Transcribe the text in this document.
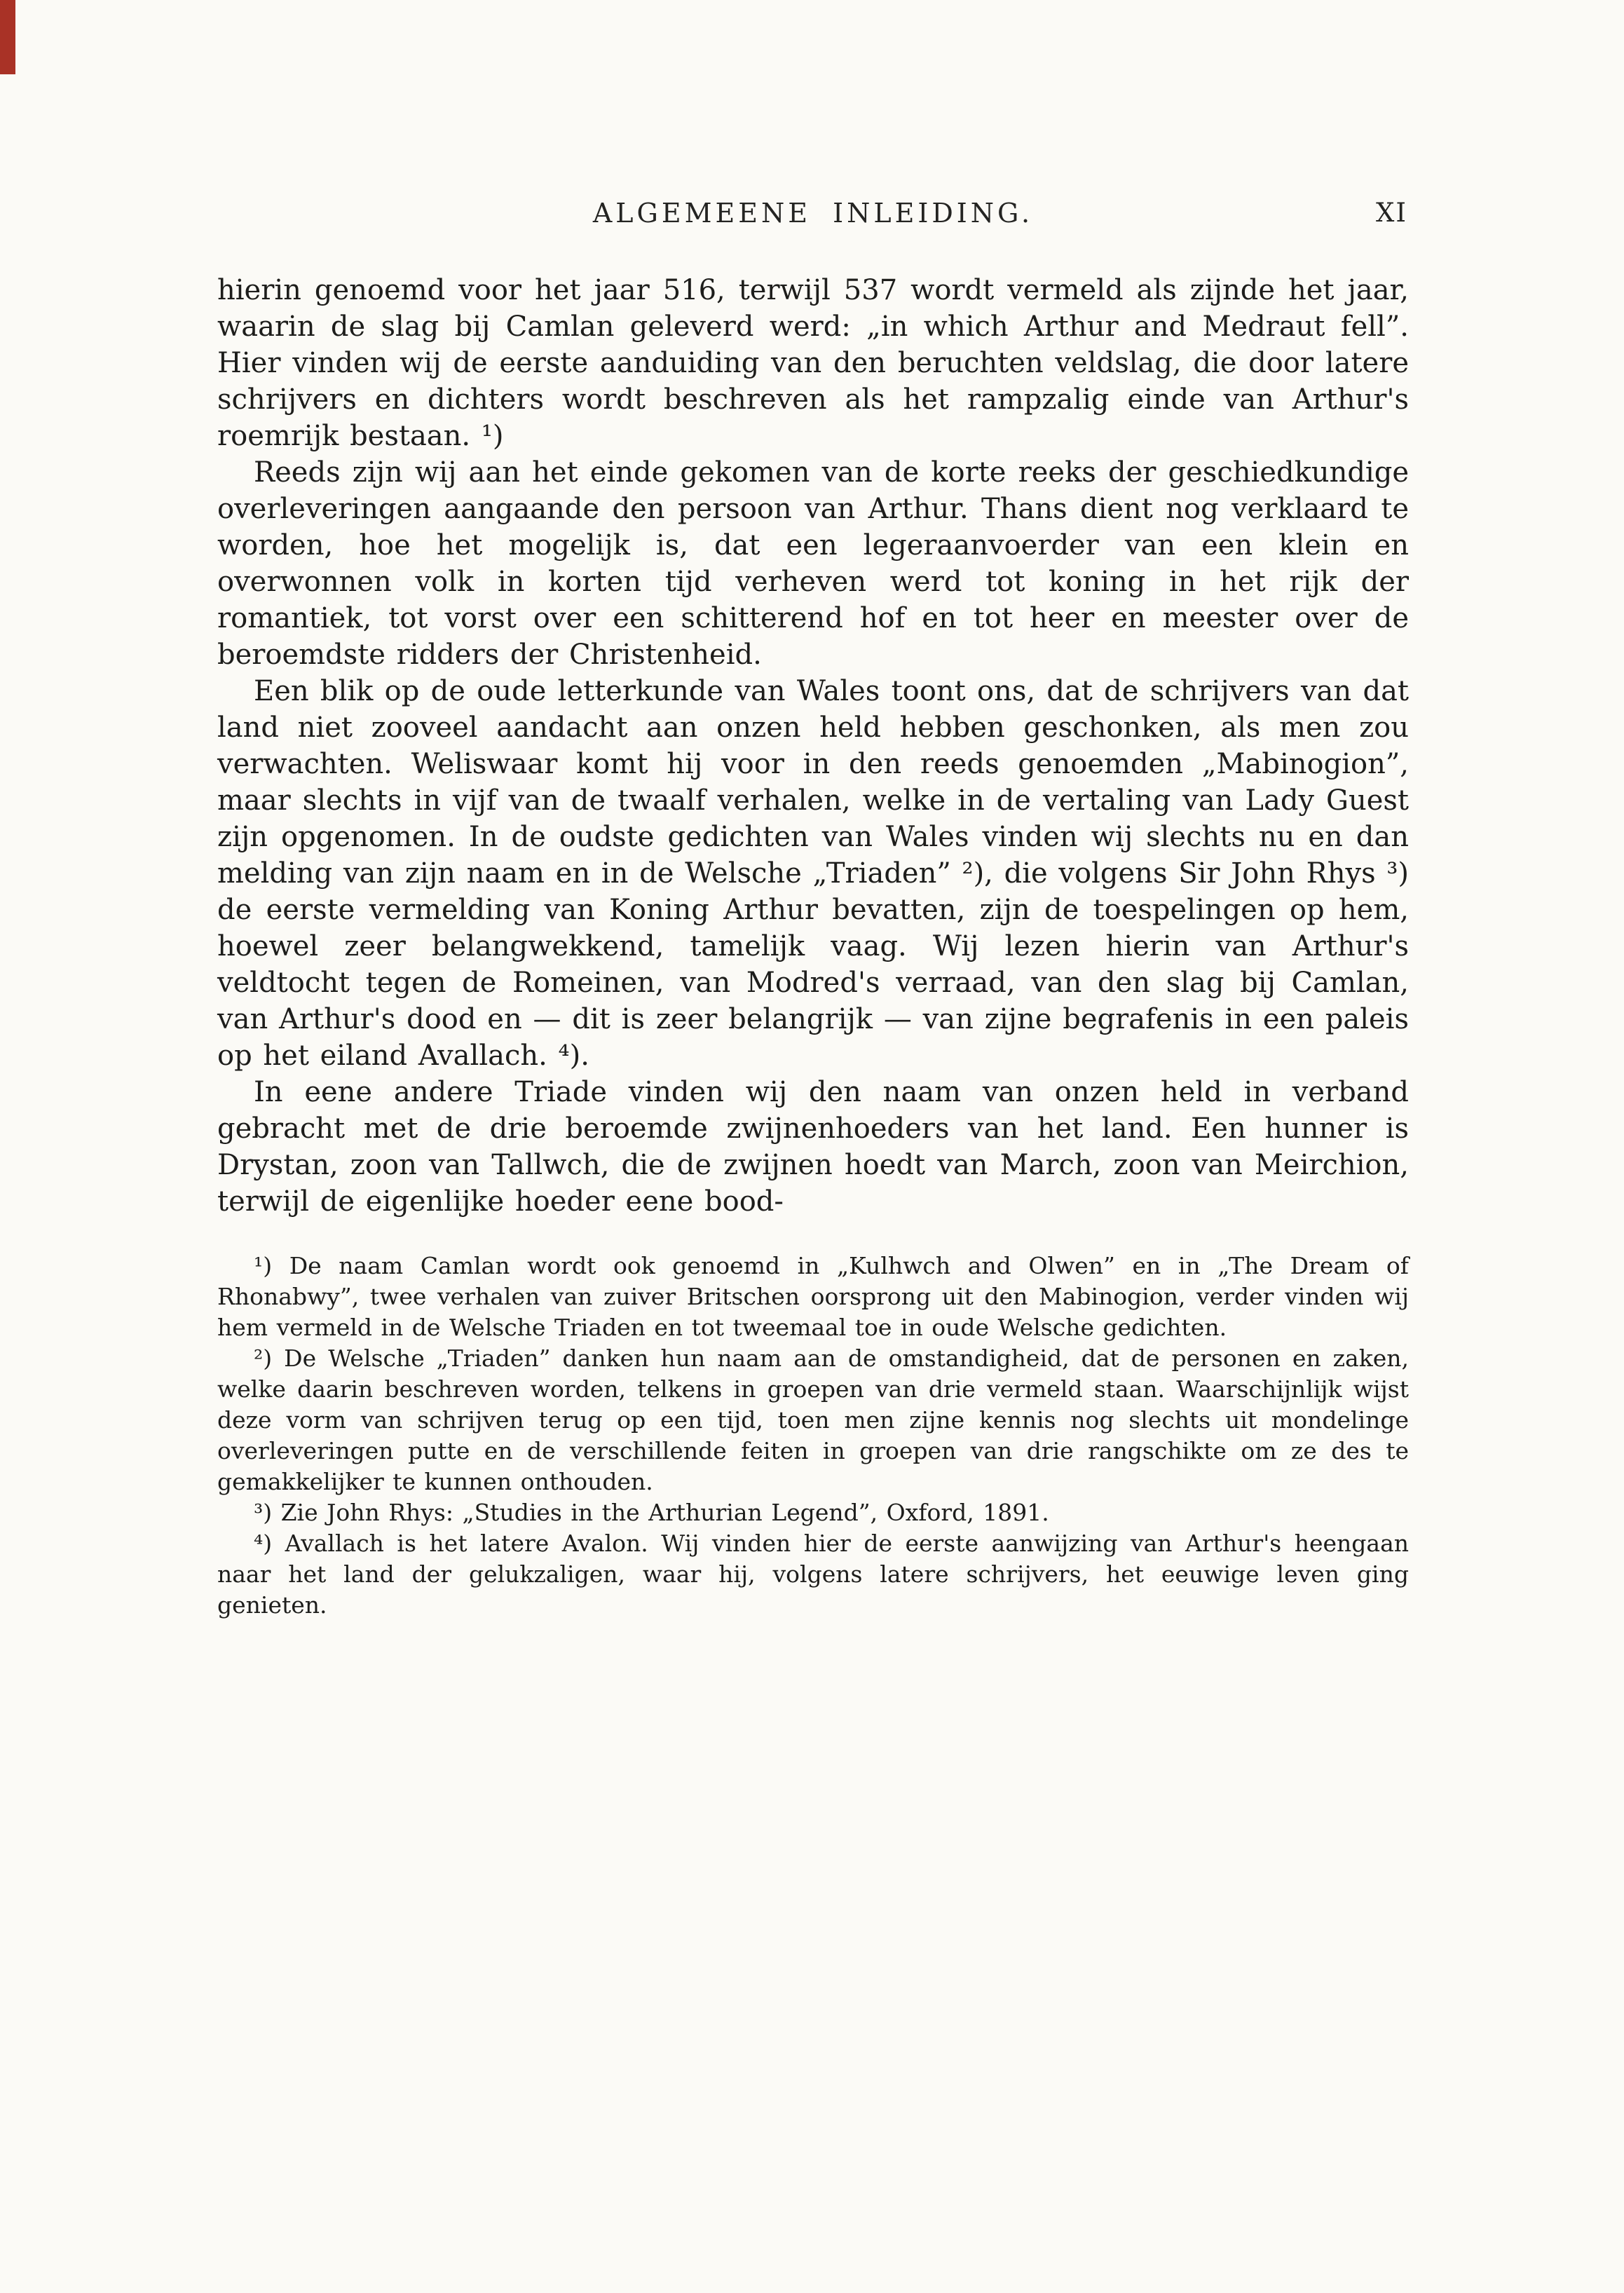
ALGEMEENE INLEIDING.	XI

hierin genoemd voor het jaar 516, terwijl 537 wordt vermeld als zijnde het jaar, waarin de slag bij Camlan geleverd werd: „in which Arthur and Medraut fell”. Hier vinden wij de eerste aanduiding van den beruchten veldslag, die door latere schrijvers en dichters wordt beschreven als het rampzalig einde van Arthur's roemrijk bestaan. ¹)

Reeds zijn wij aan het einde gekomen van de korte reeks der geschiedkundige overleveringen aangaande den persoon van Arthur. Thans dient nog verklaard te worden, hoe het mogelijk is, dat een legeraanvoerder van een klein en overwonnen volk in korten tijd verheven werd tot koning in het rijk der romantiek, tot vorst over een schitterend hof en tot heer en meester over de beroemdste ridders der Christenheid.

Een blik op de oude letterkunde van Wales toont ons, dat de schrijvers van dat land niet zooveel aandacht aan onzen held hebben geschonken, als men zou verwachten. Weliswaar komt hij voor in den reeds genoemden „Mabinogion”, maar slechts in vijf van de twaalf verhalen, welke in de vertaling van Lady Guest zijn opgenomen. In de oudste gedichten van Wales vinden wij slechts nu en dan melding van zijn naam en in de Welsche „Triaden” ²), die volgens Sir John Rhys ³) de eerste vermelding van Koning Arthur bevatten, zijn de toespelingen op hem, hoewel zeer belangwekkend, tamelijk vaag. Wij lezen hierin van Arthur's veldtocht tegen de Romeinen, van Modred's verraad, van den slag bij Camlan, van Arthur's dood en — dit is zeer belangrijk — van zijne begrafenis in een paleis op het eiland Avallach. ⁴).

In eene andere Triade vinden wij den naam van onzen held in verband gebracht met de drie beroemde zwijnenhoeders van het land. Een hunner is Drystan, zoon van Tallwch, die de zwijnen hoedt van March, zoon van Meirchion, terwijl de eigenlijke hoeder eene bood-

¹) De naam Camlan wordt ook genoemd in „Kulhwch and Olwen” en in „The Dream of Rhonabwy”, twee verhalen van zuiver Britschen oorsprong uit den Mabinogion, verder vinden wij hem vermeld in de Welsche Triaden en tot tweemaal toe in oude Welsche gedichten.

²) De Welsche „Triaden” danken hun naam aan de omstandigheid, dat de personen en zaken, welke daarin beschreven worden, telkens in groepen van drie vermeld staan. Waarschijnlijk wijst deze vorm van schrijven terug op een tijd, toen men zijne kennis nog slechts uit mondelinge overleveringen putte en de verschillende feiten in groepen van drie rangschikte om ze des te gemakkelijker te kunnen onthouden.

³) Zie John Rhys: „Studies in the Arthurian Legend”, Oxford, 1891.

⁴) Avallach is het latere Avalon. Wij vinden hier de eerste aanwijzing van Arthur's heengaan naar het land der gelukzaligen, waar hij, volgens latere schrijvers, het eeuwige leven ging genieten.
